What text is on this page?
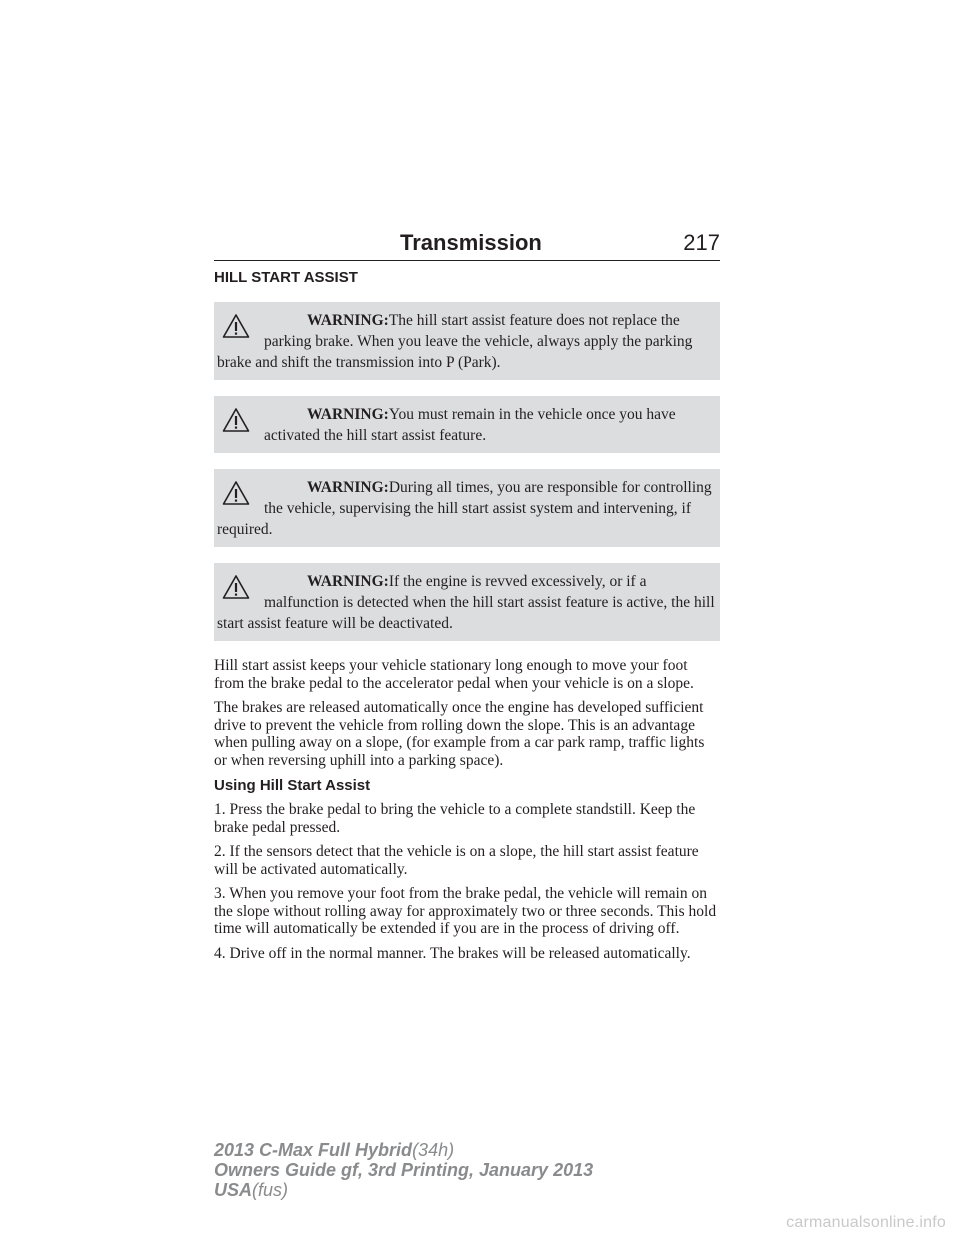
Transmission	217
HILL START ASSIST

WARNING:The hill start assist feature does not replace the parking brake. When you leave the vehicle, always apply the parking brake and shift the transmission into P (Park).

WARNING:You must remain in the vehicle once you have activated the hill start assist feature.

WARNING:During all times, you are responsible for controlling the vehicle, supervising the hill start assist system and intervening, if required.

WARNING:If the engine is revved excessively, or if a malfunction is detected when the hill start assist feature is active, the hill start assist feature will be deactivated.

Hill start assist keeps your vehicle stationary long enough to move your foot from the brake pedal to the accelerator pedal when your vehicle is on a slope.

The brakes are released automatically once the engine has developed sufficient drive to prevent the vehicle from rolling down the slope. This is an advantage when pulling away on a slope, (for example from a car park ramp, traffic lights or when reversing uphill into a parking space).

Using Hill Start Assist

1. Press the brake pedal to bring the vehicle to a complete standstill. Keep the brake pedal pressed.

2. If the sensors detect that the vehicle is on a slope, the hill start assist feature will be activated automatically.

3. When you remove your foot from the brake pedal, the vehicle will remain on the slope without rolling away for approximately two or three seconds. This hold time will automatically be extended if you are in the process of driving off.

4. Drive off in the normal manner. The brakes will be released automatically.

2013 C-Max Full Hybrid(34h)
Owners Guide gf, 3rd Printing, January 2013
USA(fus)
carmanualsonline.info
